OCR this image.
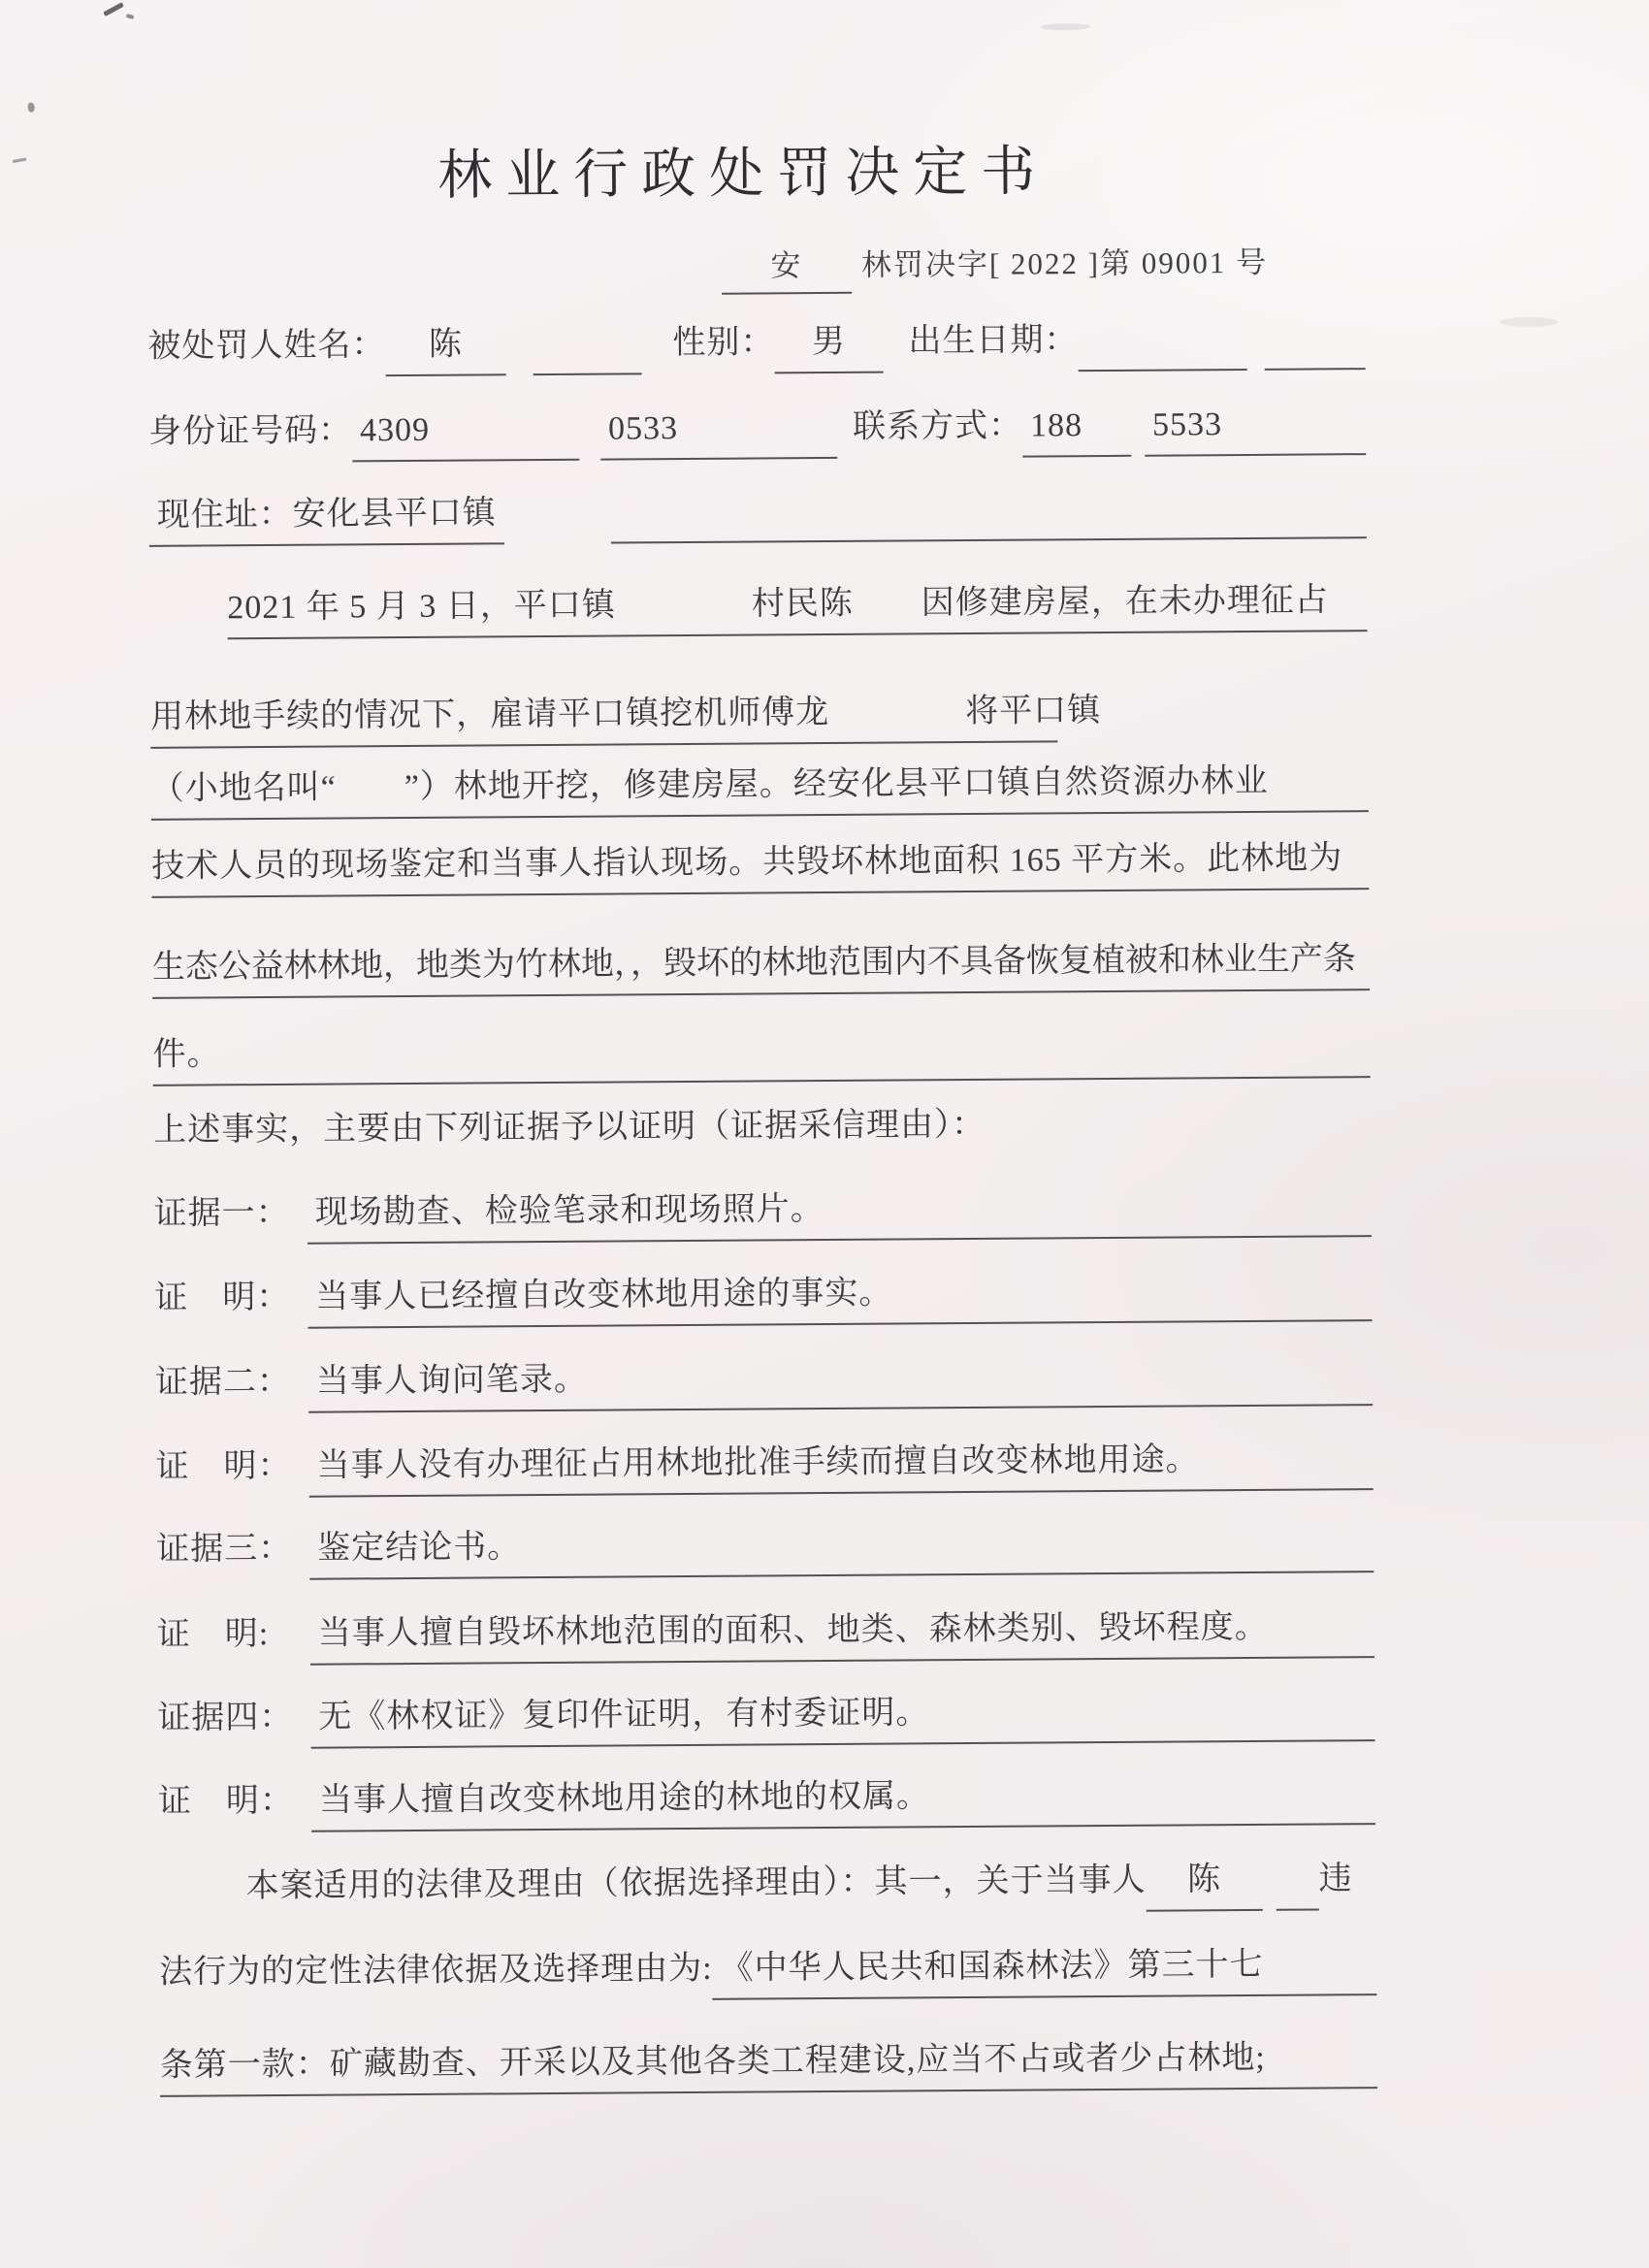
林业行政处罚决定书
安	林罚决字[ 2022 ]第 09001 号
被处罚人姓名：	陈	性别：	男	出生日期：
身份证号码： 4309	0533	联系方式： 188	5533
现住址：安化县平口镇
2021 年 5 月 3 日，平口镇　　　　村民陈　　因修建房屋，在未办理征占
用林地手续的情况下，雇请平口镇挖机师傅龙　　　　将平口镇
（小地名叫“　　”）林地开挖，修建房屋。经安化县平口镇自然资源办林业
技术人员的现场鉴定和当事人指认现场。共毁坏林地面积 165 平方米。此林地为
生态公益林林地，地类为竹林地，，毁坏的林地范围内不具备恢复植被和林业生产条
件。
上述事实，主要由下列证据予以证明（证据采信理由）：
证据一： 现场勘查、检验笔录和现场照片。
证　明： 当事人已经擅自改变林地用途的事实。
证据二： 当事人询问笔录。
证　明： 当事人没有办理征占用林地批准手续而擅自改变林地用途。
证据三： 鉴定结论书。
证　明:	当事人擅自毁坏林地范围的面积、地类、森林类别、毁坏程度。
证据四： 无《林权证》复印件证明，有村委证明。
证　明： 当事人擅自改变林地用途的林地的权属。
本案适用的法律及理由（依据选择理由）：其一，关于当事人	陈	违
法行为的定性法律依据及选择理由为: 《中华人民共和国森林法》第三十七
条第一款：矿藏勘查、开采以及其他各类工程建设,应当不占或者少占林地;
